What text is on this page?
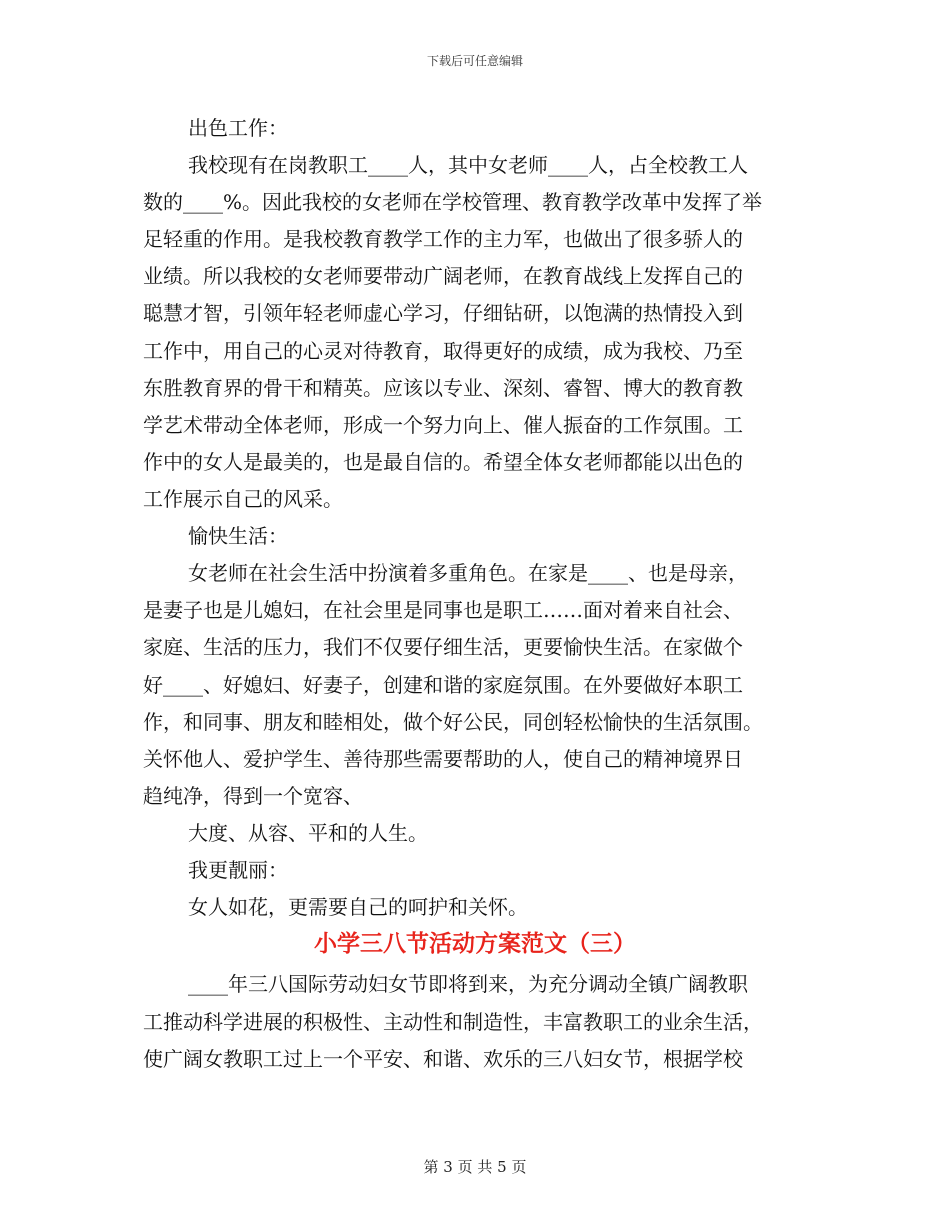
下载后可任意编辑
出色工作：
我校现有在岗教职工____人，其中女老师____人，占全校教工人
数的____%。因此我校的女老师在学校管理、教育教学改革中发挥了举
足轻重的作用。是我校教育教学工作的主力军，也做出了很多骄人的
业绩。所以我校的女老师要带动广阔老师，在教育战线上发挥自己的
聪慧才智，引领年轻老师虚心学习，仔细钻研，以饱满的热情投入到
工作中，用自己的心灵对待教育，取得更好的成绩，成为我校、乃至
东胜教育界的骨干和精英。应该以专业、深刻、睿智、博大的教育教
学艺术带动全体老师，形成一个努力向上、催人振奋的工作氛围。工
作中的女人是最美的，也是最自信的。希望全体女老师都能以出色的
工作展示自己的风采。
愉快生活：
女老师在社会生活中扮演着多重角色。在家是____、也是母亲，
是妻子也是儿媳妇，在社会里是同事也是职工……面对着来自社会、
家庭、生活的压力，我们不仅要仔细生活，更要愉快生活。在家做个
好____、好媳妇、好妻子，创建和谐的家庭氛围。在外要做好本职工
作，和同事、朋友和睦相处，做个好公民，同创轻松愉快的生活氛围。
关怀他人、爱护学生、善待那些需要帮助的人，使自己的精神境界日
趋纯净，得到一个宽容、
大度、从容、平和的人生。
我更靓丽：
女人如花，更需要自己的呵护和关怀。
小学三八节活动方案范文（三）
____年三八国际劳动妇女节即将到来，为充分调动全镇广阔教职
工推动科学进展的积极性、主动性和制造性，丰富教职工的业余生活，
使广阔女教职工过上一个平安、和谐、欢乐的三八妇女节，根据学校
第 3 页 共 5 页
